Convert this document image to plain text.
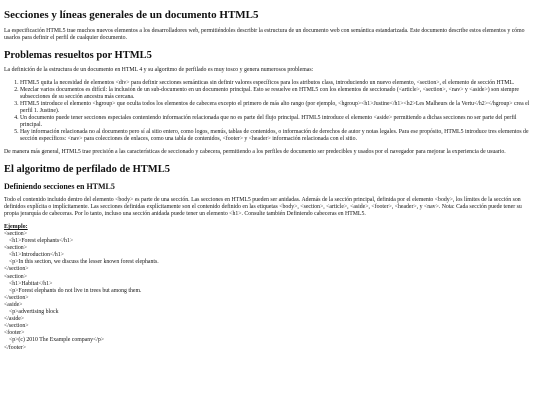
Secciones y líneas generales de un documento HTML5

La especificación HTML5 trae muchos nuevos elementos a los desarrolladores web, permitiéndoles describir la estructura de un documento web con semántica estandarizada. Este documento describe estos elementos y cómo usarlos para definir el perfil de cualquier documento.

Problemas resueltos por HTML5

La definición de la estructura de un documento en HTML 4 y su algoritmo de perfilado es muy tosco y genera numerosos problemas:

1. HTML5 quita la necesidad de elementos <div> para definir secciones semánticas sin definir valores específicos para los atributos class, introduciendo un nuevo elemento, <section>, el elemento de sección HTML.
2. Mezclar varios documentos es difícil: la inclusión de un sub-documento en un documento principal. Esto se resuelve en HTML5 con los elementos de seccionado (<article>, <section>, <nav> y <aside>) son siempre subsecciones de su sección ancestra más cercana.
3. HTML5 introduce el elemento <hgroup> que oculta todos los elementos de cabecera excepto el primero de más alto rango (por ejemplo, <hgroup><h1>Justine</h1><h2>Les Malheurs de la Vertu</h2></hgroup> crea el perfil 1. Justine).
4. Un documento puede tener secciones especiales conteniendo información relacionada que no es parte del flujo principal. HTML5 introduce el elemento <aside> permitiendo a dichas secciones no ser parte del perfil principal.
5. Hay información relacionada no al documento pero sí al sitio entero, como logos, menús, tablas de contenidos, o información de derechos de autor y notas legales. Para ese propósito, HTML5 introduce tres elementos de sección específicos: <nav> para colecciones de enlaces, como una tabla de contenidos, <footer> y <header> información relacionada con el sitio.

De manera más general, HTML5 trae precisión a las características de seccionado y cabecera, permitiendo a los perfiles de documento ser predecibles y usados por el navegador para mejorar la experiencia de usuario.

El algoritmo de perfilado de HTML5
Definiendo secciones en HTML5

Todo el contenido incluido dentro del elemento <body> es parte de una sección. Las secciones en HTML5 pueden ser anidadas. Además de la sección principal, definida por el elemento <body>, los límites de la sección son definidos explícita o implícitamente. Las secciones definidas explícitamente son el contenido definido en las etiquetas <body>, <section>, <article>, <aside>, <footer>, <header>, y <nav>. Nota: Cada sección puede tener su propia jerarquía de cabeceras. Por lo tanto, incluso una sección anidada puede tener un elemento <h1>. Consulte también Definiendo cabeceras en HTML5.

Ejemplo:
<section>
<h1>Forest elephants</h1>
<section>
<h1>Introduction</h1>
<p>In this section, we discuss the lesser known forest elephants.
</section>
<section>
<h1>Habitat</h1>
<p>Forest elephants do not live in trees but among them.
</section>
<aside>
<p>advertising block
</aside>
</section>
<footer>
<p>(c) 2010 The Example company</p>
</footer>
